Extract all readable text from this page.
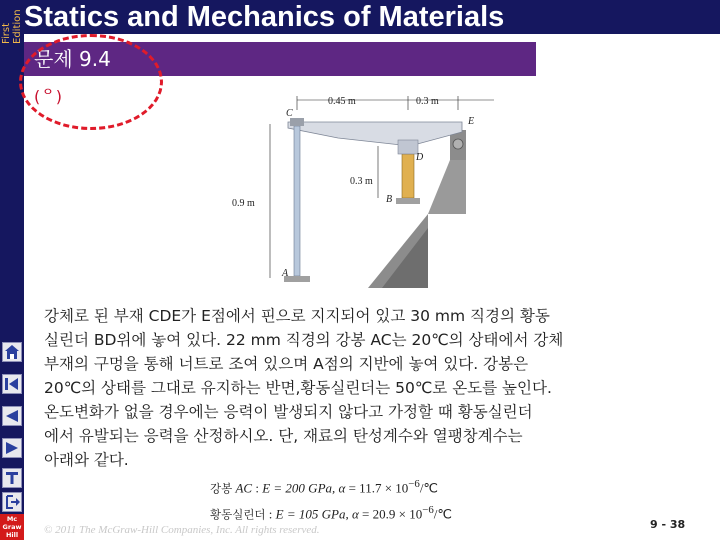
First Edition
Mc
Graw
Hill
Statics and Mechanics of Materials
문제 9.4
(ᄋ)	0.45 m	0.3 m
0.9 m
0.3 m
C
D
E
B
A
강체로 된 부재 CDE가 E점에서 핀으로 지지되어 있고 30 mm 직경의 황동
실린더 BD위에 놓여 있다. 22 mm 직경의 강봉 AC는 20℃의 상태에서 강체
부재의 구멍을 통해 너트로 조여 있으며 A점의 지반에 놓여 있다. 강봉은
20℃의 상태를 그대로 유지하는 반면,황동실린더는 50℃로 온도를 높인다.
온도변화가 없을 경우에는 응력이 발생되지 않다고 가정할 때 황동실린더
에서 유발되는 응력을 산정하시오. 단, 재료의 탄성계수와 열팽창계수는
아래와 같다.
강봉 AC : E = 200 GPa, $\alpha = 11.7 \times 10^{-6}/℃$
황동실린더 : E = 105 GPa, $\alpha = 20.9 \times 10^{-6}/℃$
© 2011 The McGraw-Hill Companies, Inc. All rights reserved.	9 - 38
